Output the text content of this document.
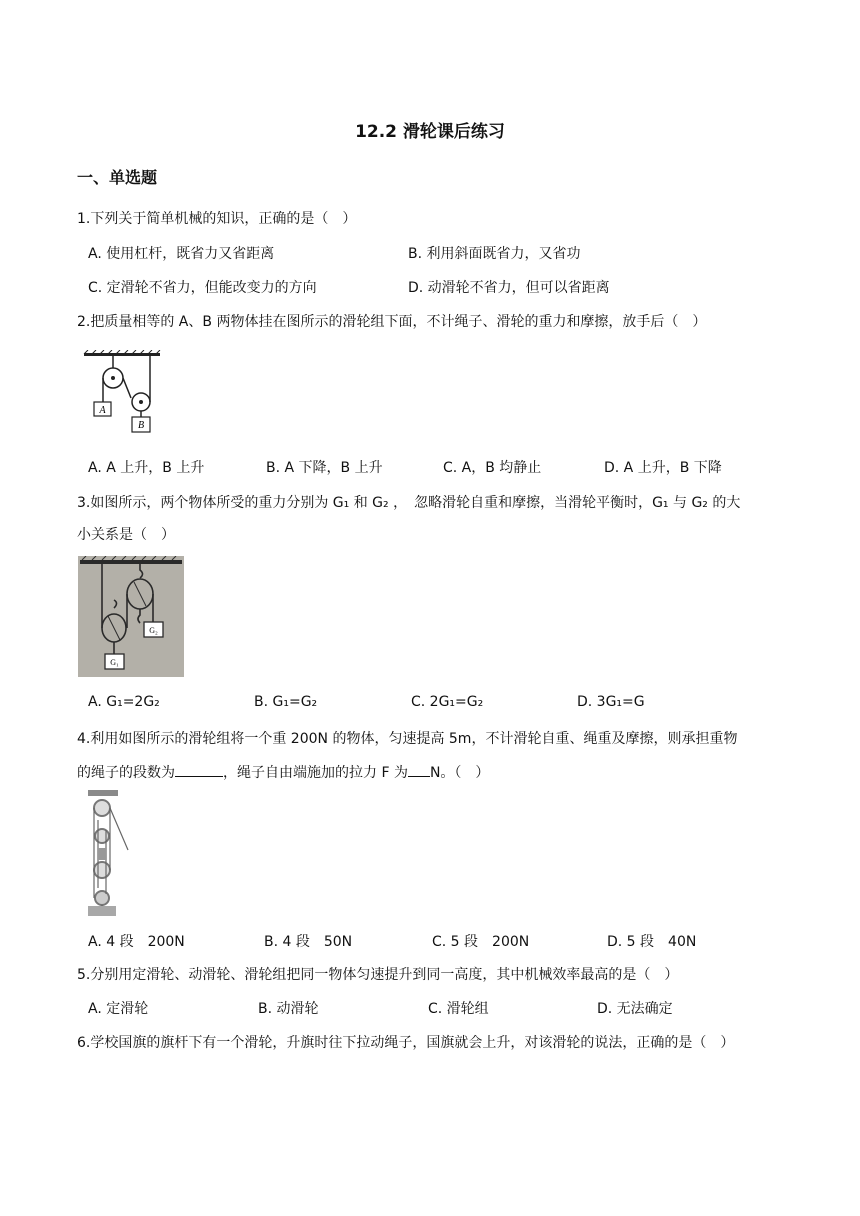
12.2 滑轮课后练习
一、单选题
1.下列关于简单机械的知识，正确的是（　）
A. 使用杠杆，既省力又省距离	B. 利用斜面既省力，又省功
C. 定滑轮不省力，但能改变力的方向	D. 动滑轮不省力，但可以省距离
2.把质量相等的 A、B 两物体挂在图所示的滑轮组下面，不计绳子、滑轮的重力和摩擦，放手后（　）
A
B
A. A 上升，B 上升	B. A 下降，B 上升	C. A，B 均静止	D. A 上升，B 下降
3.如图所示，两个物体所受的重力分别为 G₁ 和 G₂ ，　忽略滑轮自重和摩擦，当滑轮平衡时，G₁ 与 G₂ 的大
小关系是（　）
G₂
G₁
A. G₁=2G₂	B. G₁=G₂	C. 2G₁=G₂	D. 3G₁=G
4.利用如图所示的滑轮组将一个重 200N 的物体，匀速提高 5m，不计滑轮自重、绳重及摩擦，则承担重物
的绳子的段数为	，绳子自由端施加的拉力 F 为 N。（　）
A. 4 段　200N	B. 4 段　50N	C. 5 段　200N	D. 5 段　40N
5.分别用定滑轮、动滑轮、滑轮组把同一物体匀速提升到同一高度，其中机械效率最高的是（　）
A. 定滑轮	B. 动滑轮	C. 滑轮组	D. 无法确定
6.学校国旗的旗杆下有一个滑轮，升旗时往下拉动绳子，国旗就会上升，对该滑轮的说法，正确的是（　）
